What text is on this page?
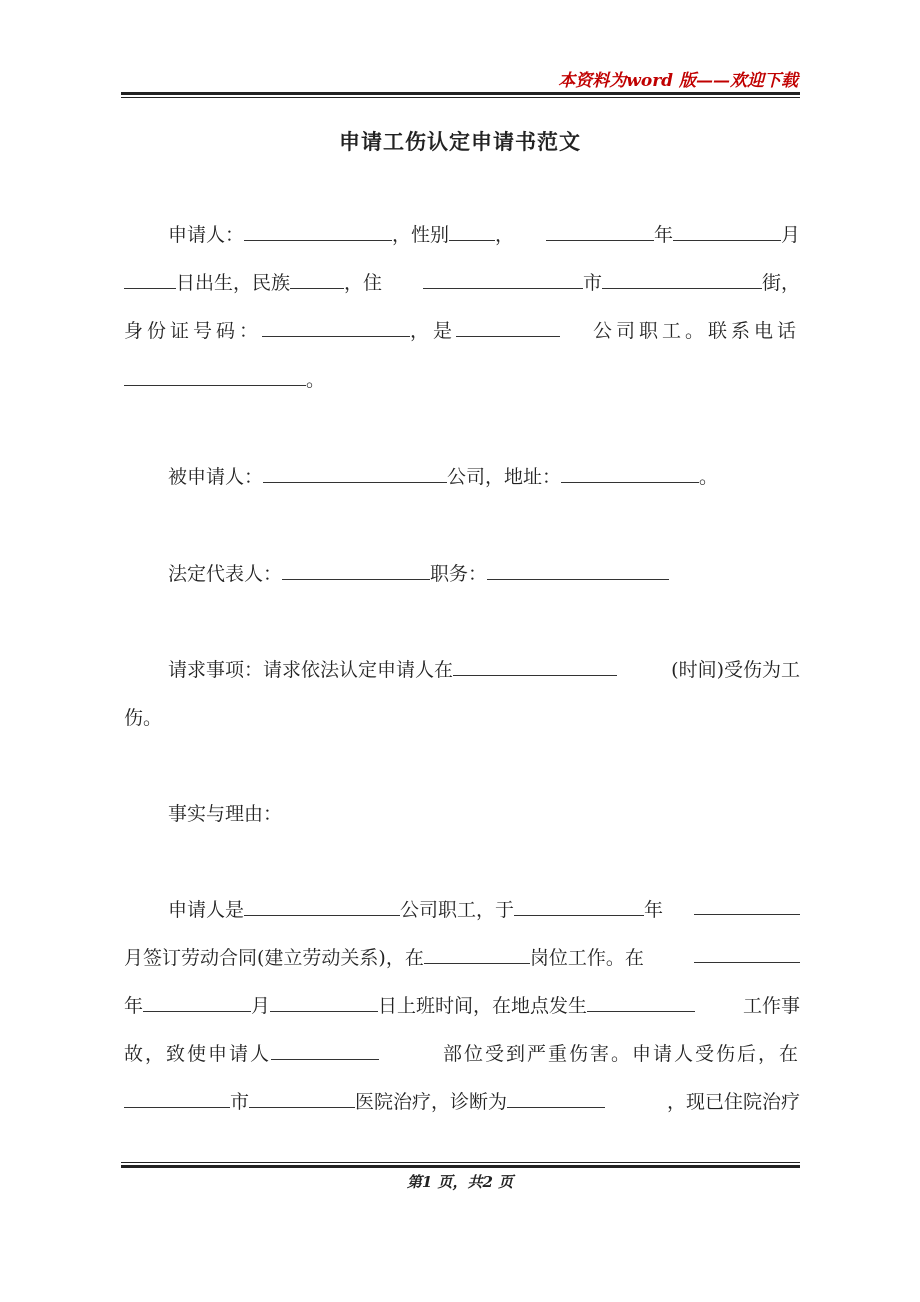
本资料为word 版——欢迎下载
申请工伤认定申请书范文
申请人：	，性别 ，	年	月
日出生，民族	，住	市	街，
身份证号码：	，是	公司职工。联系电话
。
被申请人：	公司，地址：	。
法定代表人：	职务：
请求事项：请求依法认定申请人在	(时间)受伤为工
伤。
事实与理由：
申请人是	公司职工，于	年
月签订劳动合同(建立劳动关系)，在	岗位工作。在
年	月	日上班时间，在地点发生	工作事
故，致使申请人	部位受到严重伤害。申请人受伤后，在
市	医院治疗，诊断为	，现已住院治疗
第1 页，共2 页
